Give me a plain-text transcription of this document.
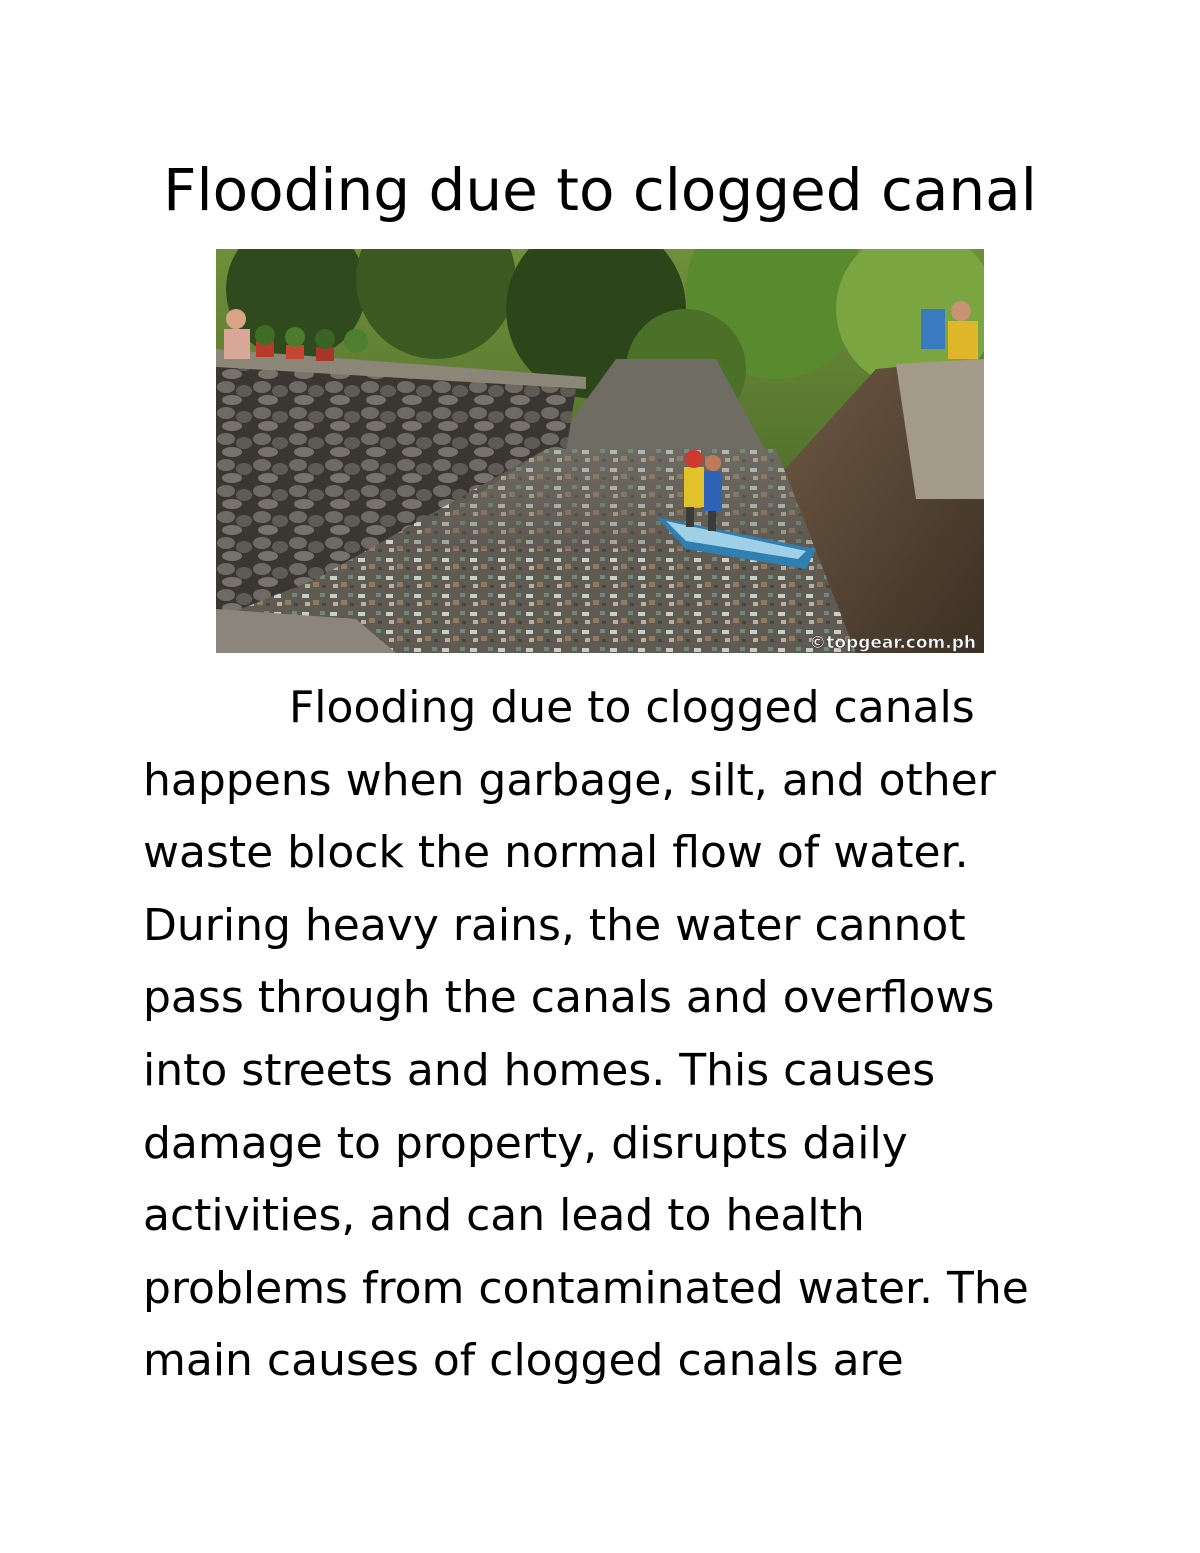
Flooding due to clogged canal
©topgear.com.ph

Flooding due to clogged canals
happens when garbage, silt, and other
waste block the normal flow of water.
During heavy rains, the water cannot
pass through the canals and overflows
into streets and homes. This causes
damage to property, disrupts daily
activities, and can lead to health
problems from contaminated water. The
main causes of clogged canals are
